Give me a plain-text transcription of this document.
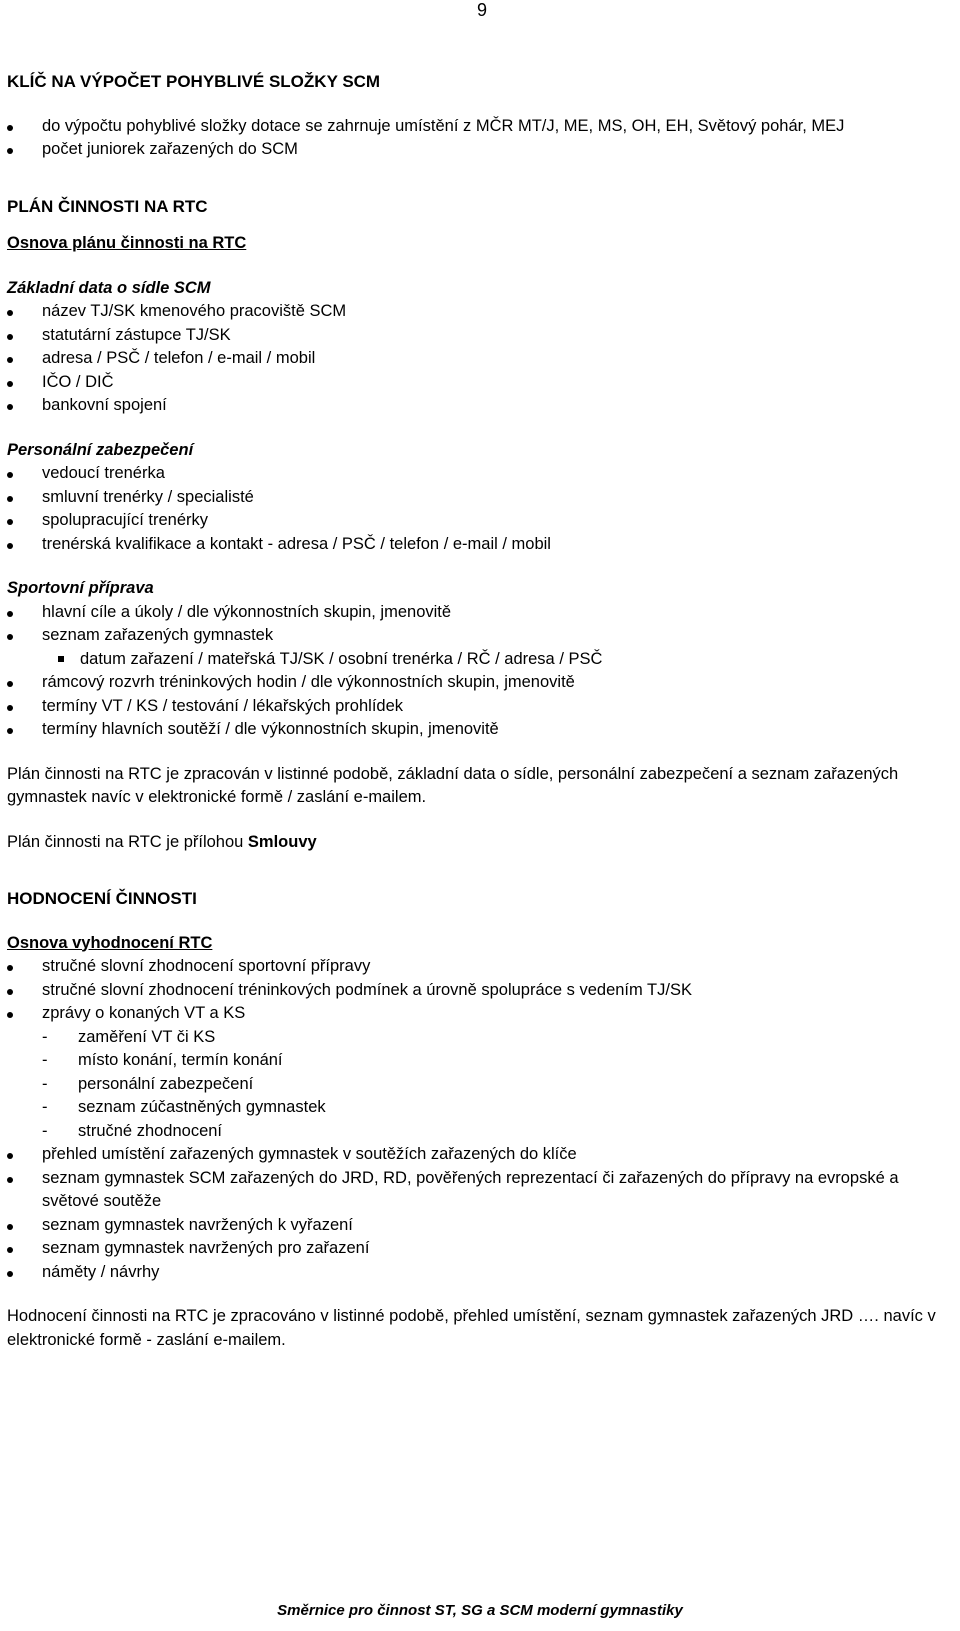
9
KLÍČ NA VÝPOČET POHYBLIVÉ SLOŽKY SCM
do výpočtu pohyblivé složky dotace se zahrnuje umístění z MČR MT/J, ME, MS, OH, EH, Světový pohár, MEJ
počet juniorek zařazených do SCM
PLÁN ČINNOSTI NA RTC
Osnova plánu činnosti na RTC
Základní data o sídle SCM
název TJ/SK kmenového pracoviště SCM
statutární zástupce TJ/SK
adresa / PSČ / telefon / e-mail / mobil
IČO / DIČ
bankovní spojení
Personální zabezpečení
vedoucí trenérka
smluvní trenérky / specialisté
spolupracující trenérky
trenérská kvalifikace a kontakt - adresa / PSČ / telefon / e-mail / mobil
Sportovní příprava
hlavní cíle a úkoly / dle výkonnostních skupin, jmenovitě
seznam zařazených gymnastek
datum zařazení / mateřská TJ/SK / osobní trenérka / RČ / adresa / PSČ
rámcový rozvrh tréninkových hodin / dle výkonnostních skupin, jmenovitě
termíny VT / KS / testování / lékařských prohlídek
termíny hlavních soutěží / dle výkonnostních skupin, jmenovitě

Plán činnosti na RTC je zpracován v listinné podobě, základní data o sídle, personální zabezpečení a seznam zařazených gymnastek navíc v elektronické formě / zaslání e-mailem.

Plán činnosti na RTC je přílohou Smlouvy

HODNOCENÍ ČINNOSTI
Osnova vyhodnocení RTC
stručné slovní zhodnocení sportovní přípravy
stručné slovní zhodnocení tréninkových podmínek a úrovně spolupráce s vedením TJ/SK
zprávy o konaných VT a KS
- zaměření VT či KS
- místo konání, termín konání
- personální zabezpečení
- seznam zúčastněných gymnastek
- stručné zhodnocení
přehled umístění zařazených gymnastek v soutěžích zařazených do klíče
seznam gymnastek SCM zařazených do JRD, RD, pověřených reprezentací či zařazených do přípravy na evropské a světové soutěže
seznam gymnastek navržených k vyřazení
seznam gymnastek navržených pro zařazení
náměty / návrhy

Hodnocení činnosti na RTC je zpracováno v listinné podobě, přehled umístění, seznam gymnastek zařazených JRD …. navíc v elektronické formě - zaslání e-mailem.

Směrnice pro činnost ST, SG a SCM moderní gymnastiky
